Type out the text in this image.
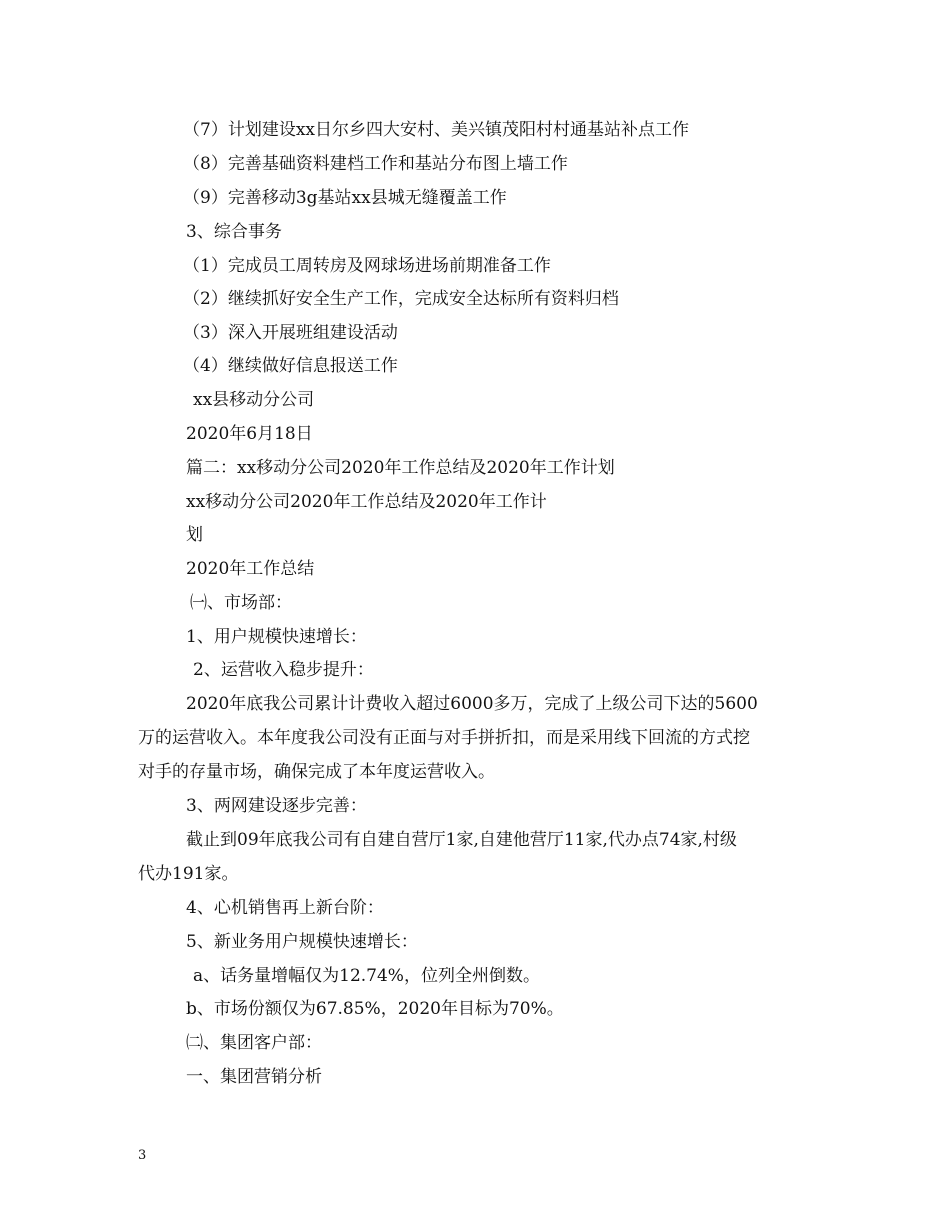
（7）计划建设xx日尔乡四大安村、美兴镇茂阳村村通基站补点工作
（8）完善基础资料建档工作和基站分布图上墙工作
（9）完善移动3g基站xx县城无缝覆盖工作
3、综合事务
（1）完成员工周转房及网球场进场前期准备工作
（2）继续抓好安全生产工作，完成安全达标所有资料归档
（3）深入开展班组建设活动
（4）继续做好信息报送工作
xx县移动分公司
2020年6月18日
篇二：xx移动分公司2020年工作总结及2020年工作计划
xx移动分公司2020年工作总结及2020年工作计
划
2020年工作总结
㈠、市场部：
1、用户规模快速增长：
2、运营收入稳步提升：
2020年底我公司累计计费收入超过6000多万，完成了上级公司下达的5600
万的运营收入。本年度我公司没有正面与对手拼折扣，而是采用线下回流的方式挖
对手的存量市场，确保完成了本年度运营收入。
3、两网建设逐步完善：
截止到09年底我公司有自建自营厅1家,自建他营厅11家,代办点74家,村级
代办191家。
4、心机销售再上新台阶：
5、新业务用户规模快速增长：
a、话务量增幅仅为12.74%，位列全州倒数。
b、市场份额仅为67.85%，2020年目标为70%。
㈡、集团客户部：
一、集团营销分析
3
